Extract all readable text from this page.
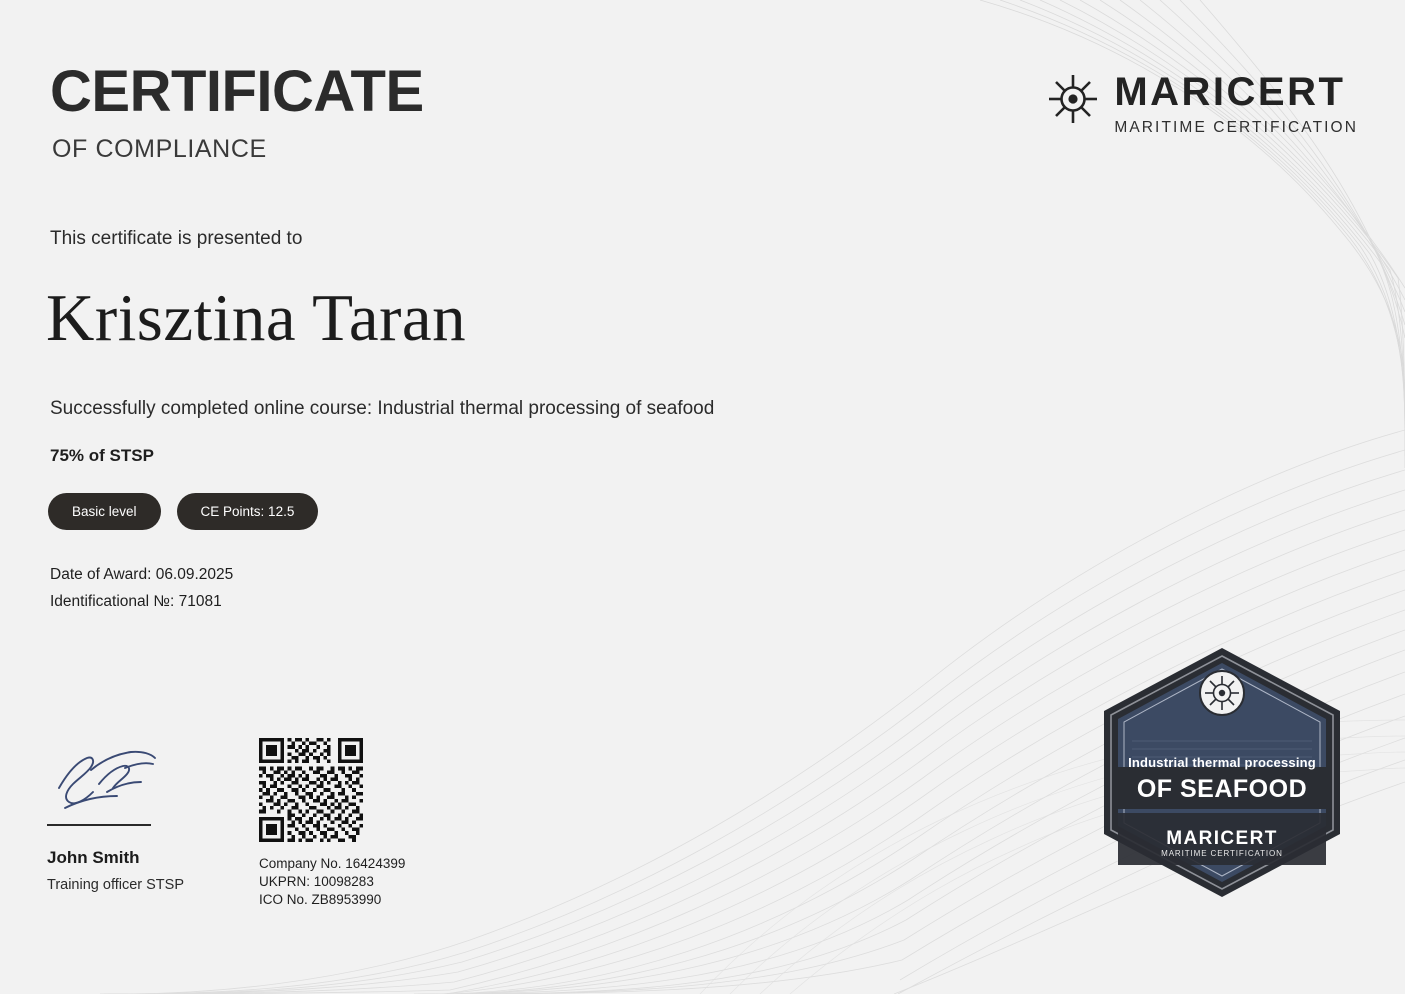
CERTIFICATE
OF COMPLIANCE
MARICERT
MARITIME CERTIFICATION
This certificate is presented to
Krisztina Taran
Successfully completed online course: Industrial thermal processing of seafood
75% of STSP
Basic level	CE Points: 12.5
Date of Award: 06.09.2025
Identificational №: 71081
John Smith
Training officer STSP
Company No. 16424399
UKPRN: 10098283
ICO No. ZB8953990
Industrial thermal processing
OF SEAFOOD
MARICERT
MARITIME CERTIFICATION
